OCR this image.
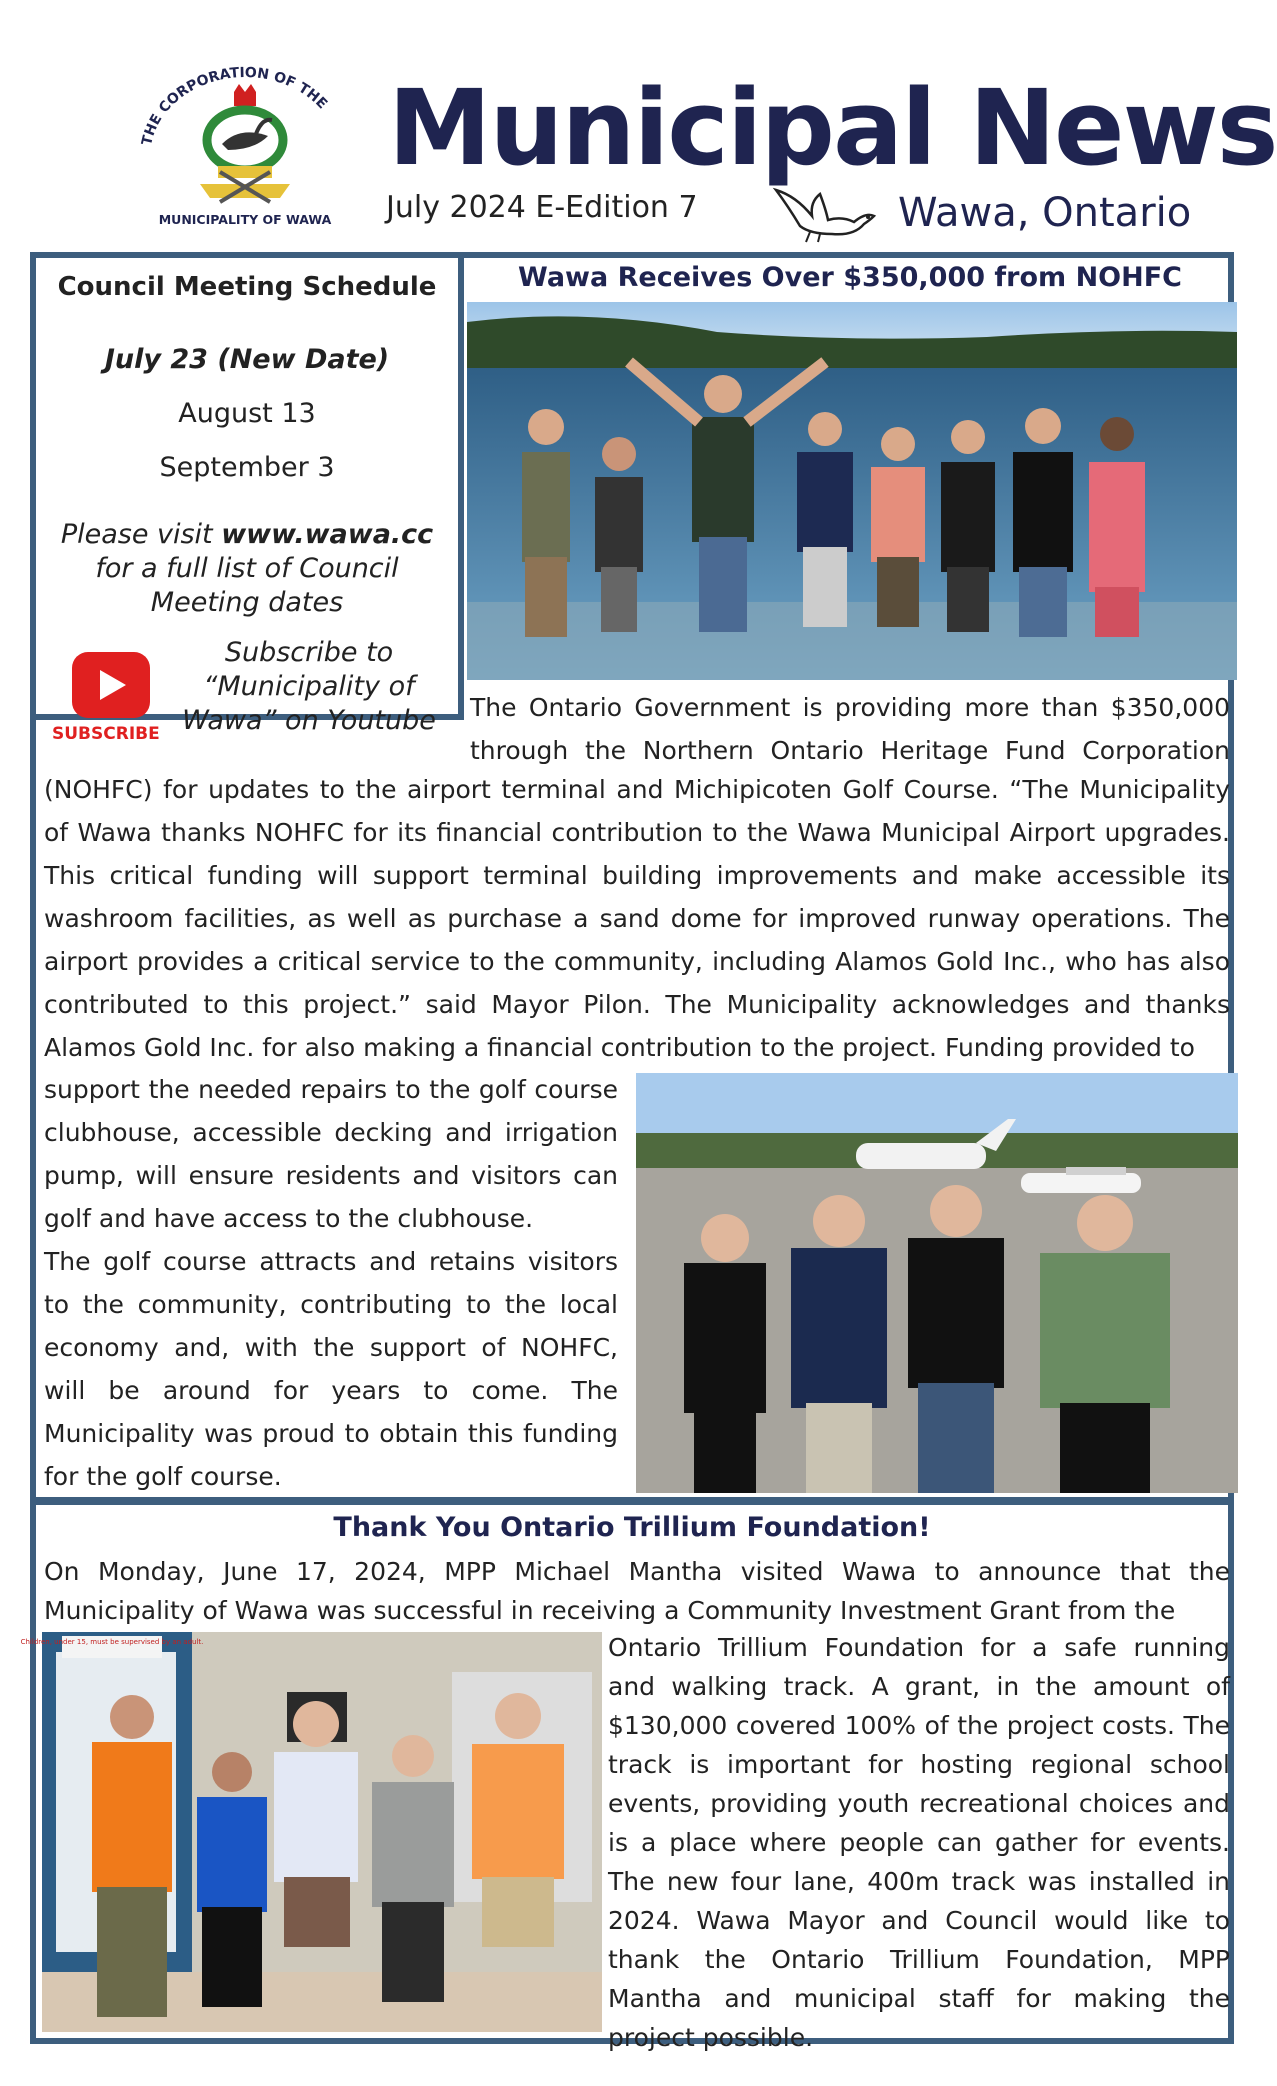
THE CORPORATION OF THE
MUNICIPALITY OF WAWA
Municipal News
July 2024 E-Edition 7	Wawa, Ontario
Council Meeting Schedule
July 23 (New Date)
August 13
September 3
Please visit www.wawa.cc for a full list of Council Meeting dates
SUBSCRIBE
Subscribe to “Municipality of Wawa” on Youtube
Wawa Receives Over $350,000 from NOHFC
The Ontario Government is providing more than $350,000 through the Northern Ontario Heritage Fund Corporation
(NOHFC) for updates to the airport terminal and Michipicoten Golf Course. “The Municipality of Wawa thanks NOHFC for its financial contribution to the Wawa Municipal Airport upgrades. This critical funding will support terminal building improvements and make accessible its washroom facilities, as well as purchase a sand dome for improved runway operations. The airport provides a critical service to the community, including Alamos Gold Inc., who has also contributed to this project.” said Mayor Pilon. The Municipality acknowledges and thanks Alamos Gold Inc. for also making a financial contribution to the project. Funding provided to
support the needed repairs to the golf course clubhouse, accessible decking and irrigation pump, will ensure residents and visitors can golf and have access to the clubhouse.
The golf course attracts and retains visitors to the community, contributing to the local economy and, with the support of NOHFC, will be around for years to come. The Municipality was proud to obtain this funding for the golf course.
Thank You Ontario Trillium Foundation!
On Monday, June 17, 2024, MPP Michael Mantha visited Wawa to announce that the Municipality of Wawa was successful in receiving a Community Investment Grant from the
Children, under 15, must be supervised by an adult.	Ontario Trillium Foundation for a safe running and walking track. A grant, in the amount of $130,000 covered 100% of the project costs. The track is important for hosting regional school events, providing youth recreational choices and is a place where people can gather for events. The new four lane, 400m track was installed in 2024. Wawa Mayor and Council would like to thank the Ontario Trillium Foundation, MPP Mantha and municipal staff for making the project possible.
